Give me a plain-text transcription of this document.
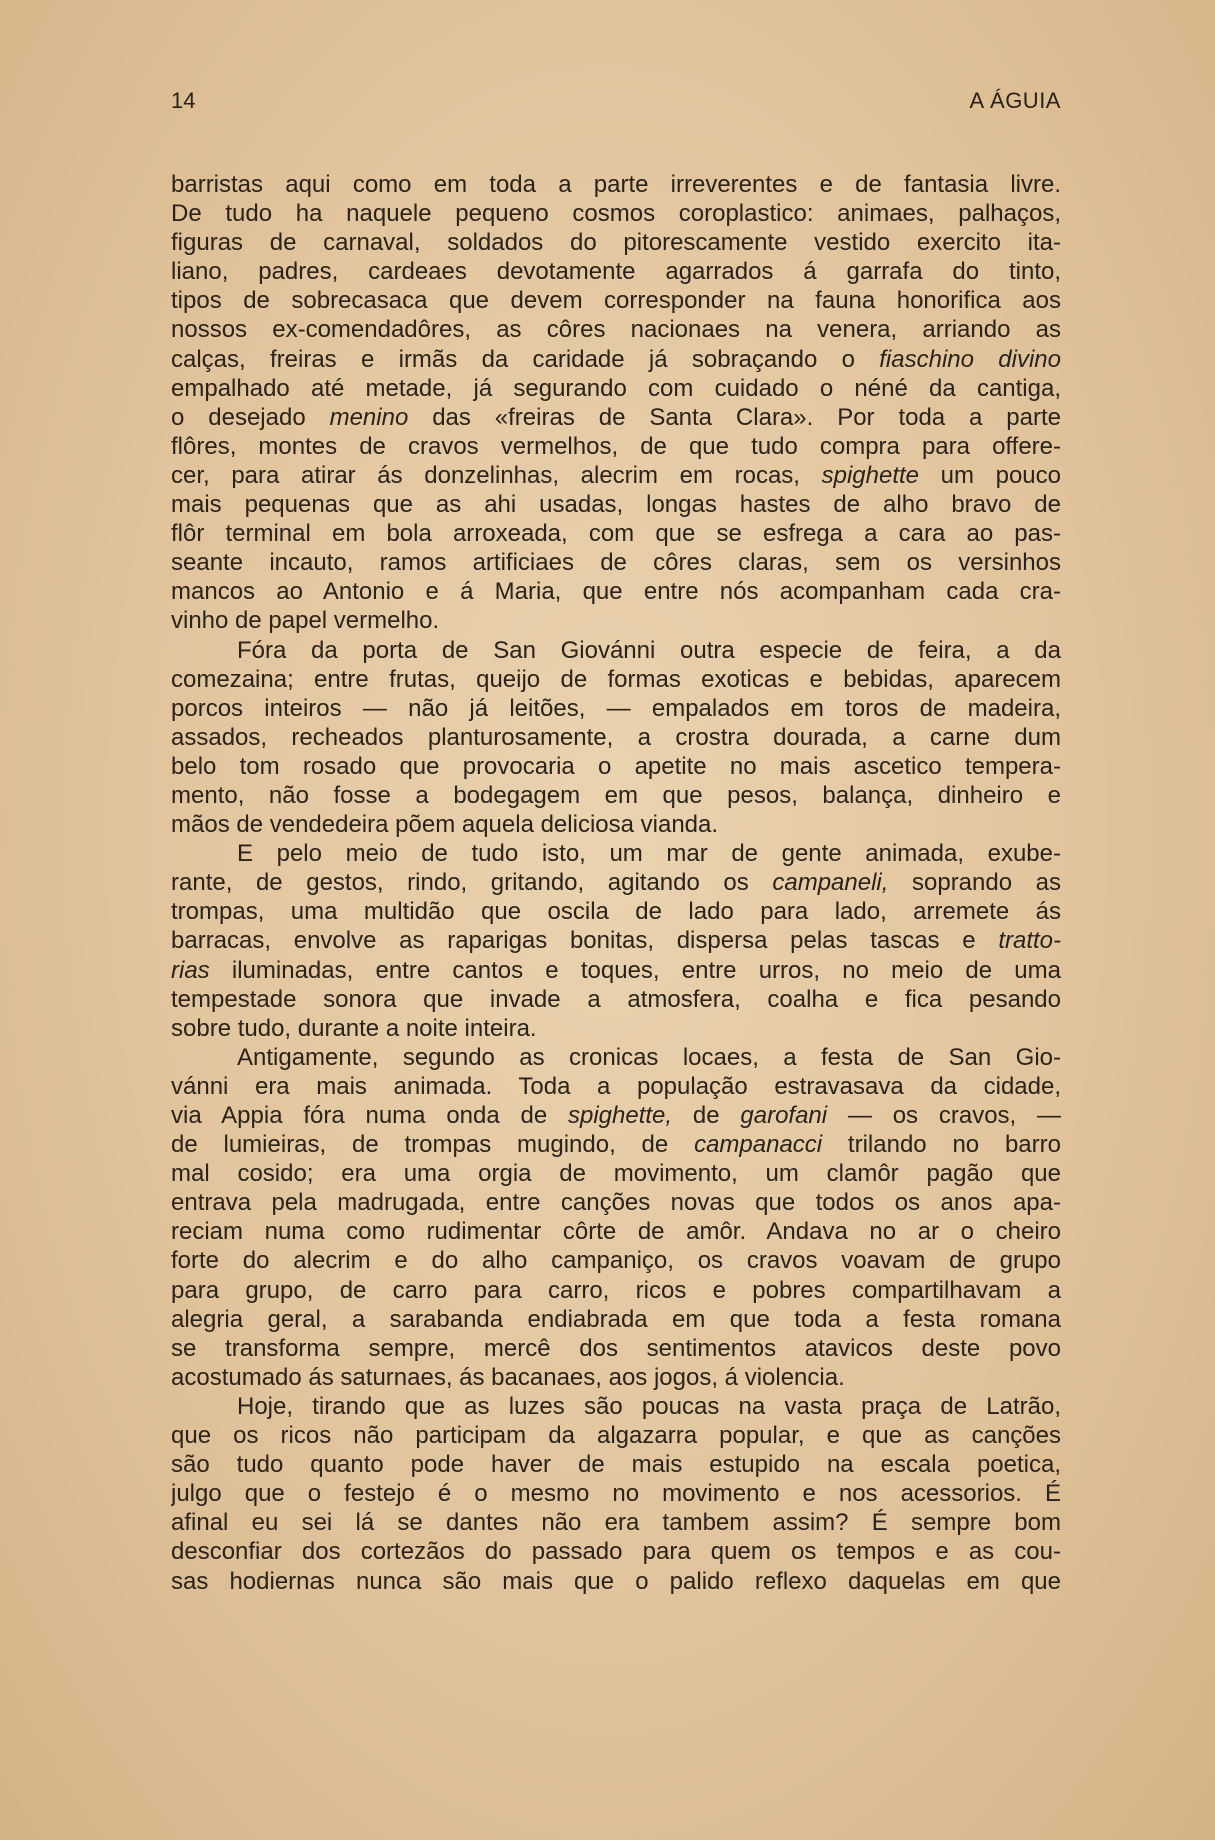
14	A ÁGUIA
barristas aqui como em toda a parte irreverentes e de fantasia livre.
De tudo ha naquele pequeno cosmos coroplastico: animaes, palhaços,
figuras de carnaval, soldados do pitorescamente vestido exercito ita-
liano, padres, cardeaes devotamente agarrados á garrafa do tinto,
tipos de sobrecasaca que devem corresponder na fauna honorifica aos
nossos ex-comendadôres, as côres nacionaes na venera, arriando as
calças, freiras e irmãs da caridade já sobraçando o fiaschino divino
empalhado até metade, já segurando com cuidado o néné da cantiga,
o desejado menino das «freiras de Santa Clara». Por toda a parte
flôres, montes de cravos vermelhos, de que tudo compra para offere-
cer, para atirar ás donzelinhas, alecrim em rocas, spighette um pouco
mais pequenas que as ahi usadas, longas hastes de alho bravo de
flôr terminal em bola arroxeada, com que se esfrega a cara ao pas-
seante incauto, ramos artificiaes de côres claras, sem os versinhos
mancos ao Antonio e á Maria, que entre nós acompanham cada cra-
vinho de papel vermelho.
Fóra da porta de San Giovánni outra especie de feira, a da
comezaina; entre frutas, queijo de formas exoticas e bebidas, aparecem
porcos inteiros — não já leitões, — empalados em toros de madeira,
assados, recheados planturosamente, a crostra dourada, a carne dum
belo tom rosado que provocaria o apetite no mais ascetico tempera-
mento, não fosse a bodegagem em que pesos, balança, dinheiro e
mãos de vendedeira põem aquela deliciosa vianda.
E pelo meio de tudo isto, um mar de gente animada, exube-
rante, de gestos, rindo, gritando, agitando os campaneli, soprando as
trompas, uma multidão que oscila de lado para lado, arremete ás
barracas, envolve as raparigas bonitas, dispersa pelas tascas e tratto-
rias iluminadas, entre cantos e toques, entre urros, no meio de uma
tempestade sonora que invade a atmosfera, coalha e fica pesando
sobre tudo, durante a noite inteira.
Antigamente, segundo as cronicas locaes, a festa de San Gio-
vánni era mais animada. Toda a população estravasava da cidade,
via Appia fóra numa onda de spighette, de garofani — os cravos, —
de lumieiras, de trompas mugindo, de campanacci trilando no barro
mal cosido; era uma orgia de movimento, um clamôr pagão que
entrava pela madrugada, entre canções novas que todos os anos apa-
reciam numa como rudimentar côrte de amôr. Andava no ar o cheiro
forte do alecrim e do alho campaniço, os cravos voavam de grupo
para grupo, de carro para carro, ricos e pobres compartilhavam a
alegria geral, a sarabanda endiabrada em que toda a festa romana
se transforma sempre, mercê dos sentimentos atavicos deste povo
acostumado ás saturnaes, ás bacanaes, aos jogos, á violencia.
Hoje, tirando que as luzes são poucas na vasta praça de Latrão,
que os ricos não participam da algazarra popular, e que as canções
são tudo quanto pode haver de mais estupido na escala poetica,
julgo que o festejo é o mesmo no movimento e nos acessorios. É
afinal eu sei lá se dantes não era tambem assim? É sempre bom
desconfiar dos cortezãos do passado para quem os tempos e as cou-
sas hodiernas nunca são mais que o palido reflexo daquelas em que
